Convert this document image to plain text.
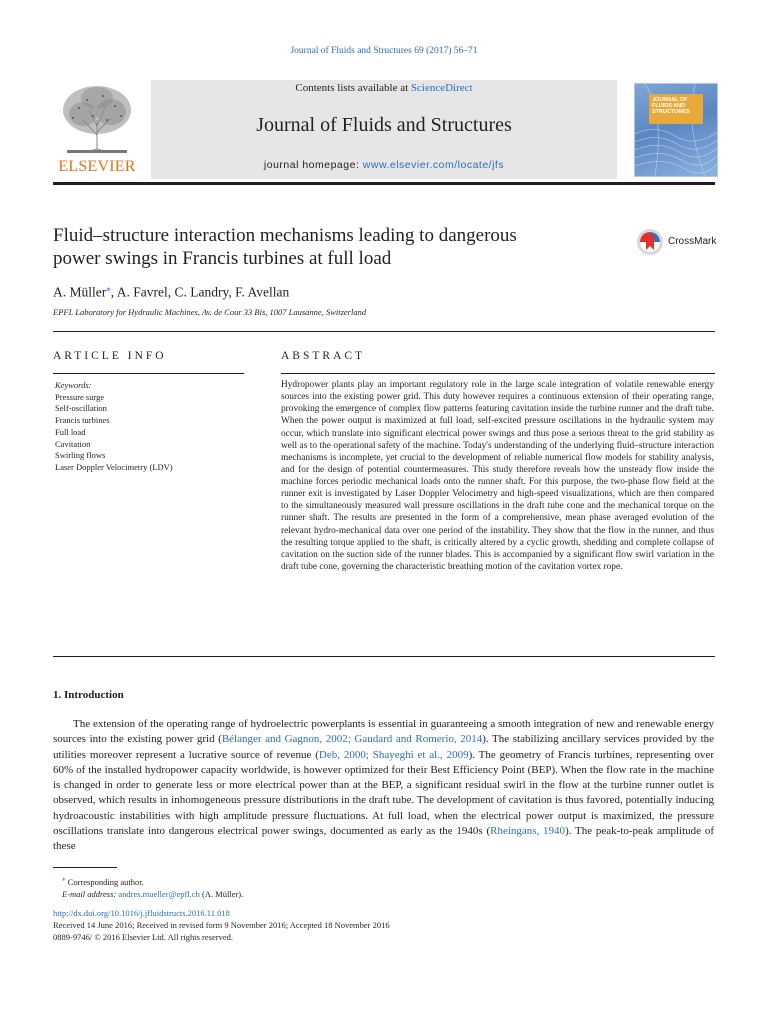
Journal of Fluids and Structures 69 (2017) 56–71
ELSEVIER
Contents lists available at ScienceDirect
Journal of Fluids and Structures
journal homepage: www.elsevier.com/locate/jfs
JOURNAL OF FLUIDS AND STRUCTURES
Fluid–structure interaction mechanisms leading to dangerous
power swings in Francis turbines at full load
CrossMark
A. Müller⁎, A. Favrel, C. Landry, F. Avellan
EPFL Laboratory for Hydraulic Machines, Av. de Cour 33 Bis, 1007 Lausanne, Switzerland
ARTICLE INFO	ABSTRACT
Keywords:
Pressure surge
Self-oscillation
Francis turbines
Full load
Cavitation
Swirling flows
Laser Doppler Velocimetry (LDV)
Hydropower plants play an important regulatory role in the large scale integration of volatile renewable energy sources into the existing power grid. This duty however requires a continuous extension of their operating range, provoking the emergence of complex flow patterns featuring cavitation inside the turbine runner and the draft tube. When the power output is maximized at full load, self-excited pressure oscillations in the hydraulic system may occur, which translate into significant electrical power swings and thus pose a serious threat to the grid stability as well as to the operational safety of the machine. Today's understanding of the underlying fluid–structure interaction mechanisms is incomplete, yet crucial to the development of reliable numerical flow models for stability analysis, and for the design of potential countermeasures. This study therefore reveals how the unsteady flow inside the machine forces periodic mechanical loads onto the runner shaft. For this purpose, the two-phase flow field at the runner exit is investigated by Laser Doppler Velocimetry and high-speed visualizations, which are then compared to the simultaneously measured wall pressure oscillations in the draft tube cone and the mechanical torque on the runner shaft. The results are presented in the form of a comprehensive, mean phase averaged evolution of the relevant hydro-mechanical data over one period of the instability. They show that the flow in the runner, and thus the resulting torque applied to the shaft, is critically altered by a cyclic growth, shedding and complete collapse of cavitation on the suction side of the runner blades. This is accompanied by a significant flow swirl variation in the draft tube cone, governing the characteristic breathing motion of the cavitation vortex rope.
1. Introduction

The extension of the operating range of hydroelectric powerplants is essential in guaranteeing a smooth integration of new and renewable energy sources into the existing power grid (Bélanger and Gagnon, 2002; Gaudard and Romerio, 2014). The stabilizing ancillary services provided by the utilities moreover represent a lucrative source of revenue (Deb, 2000; Shayeghi et al., 2009). The geometry of Francis turbines, representing over 60% of the installed hydropower capacity worldwide, is however optimized for their Best Efficiency Point (BEP). When the flow rate in the machine is changed in order to generate less or more electrical power than at the BEP, a significant residual swirl in the flow at the turbine runner outlet is observed, which results in inhomogeneous pressure distributions in the draft tube. The development of cavitation is thus favored, potentially inducing hydroacoustic instabilities with high amplitude pressure fluctuations. At full load, when the electrical power output is maximized, the pressure oscillations translate into dangerous electrical power swings, documented as early as the 1940s (Rheingans, 1940). The peak-to-peak amplitude of these

⁎ Corresponding author.
E-mail address: andres.mueller@epfl.ch (A. Müller).
http://dx.doi.org/10.1016/j.jfluidstructs.2016.11.018
Received 14 June 2016; Received in revised form 9 November 2016; Accepted 18 November 2016
0889-9746/ © 2016 Elsevier Ltd. All rights reserved.
